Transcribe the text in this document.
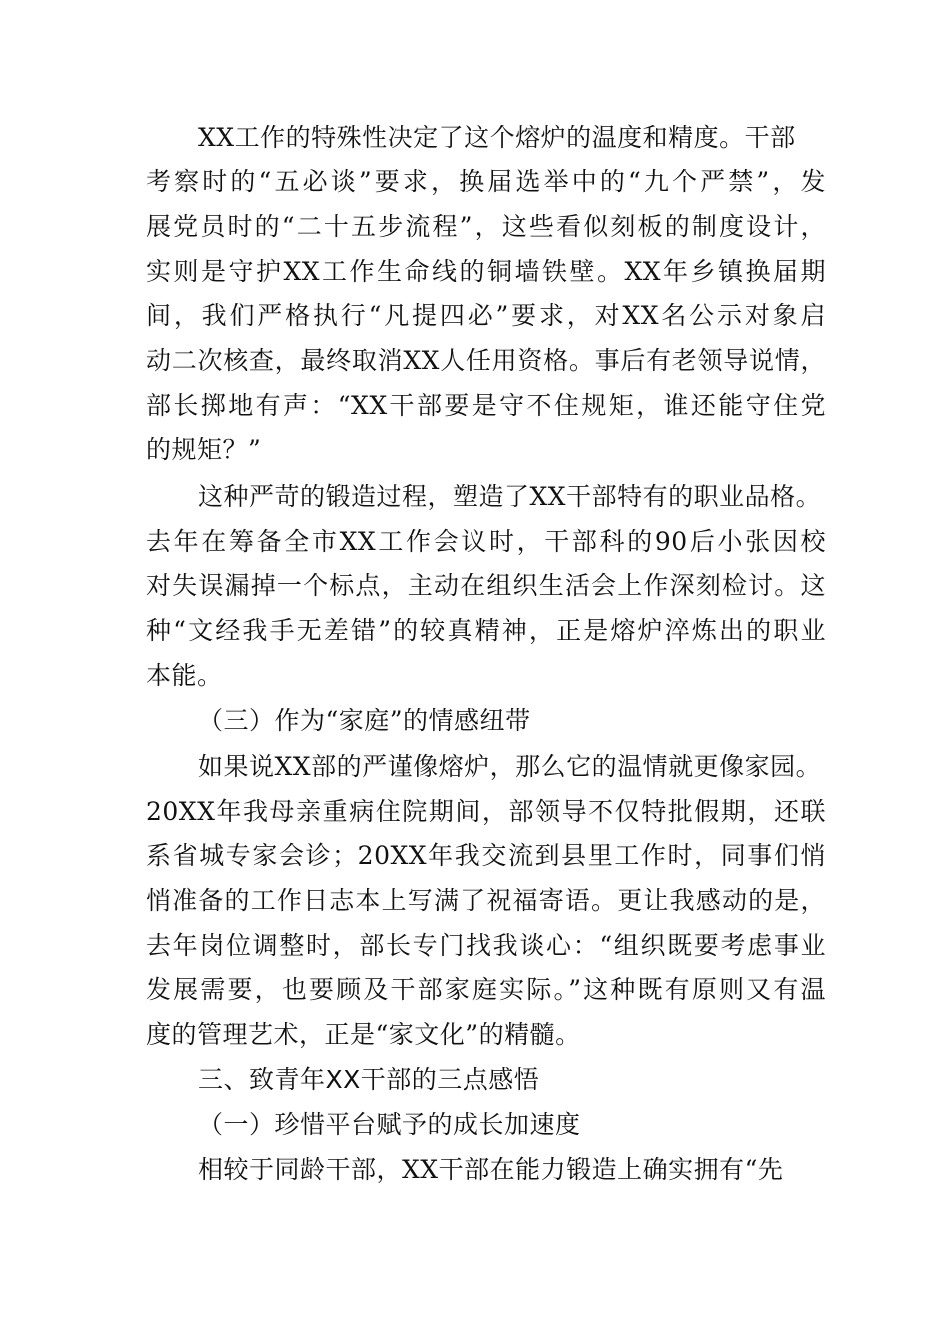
XX工作的特殊性决定了这个熔炉的温度和精度。干部
考察时的“五必谈”要求，换届选举中的“九个严禁”，发
展党员时的“二十五步流程”，这些看似刻板的制度设计，
实则是守护XX工作生命线的铜墙铁壁。XX年乡镇换届期
间，我们严格执行“凡提四必”要求，对XX名公示对象启
动二次核查，最终取消XX人任用资格。事后有老领导说情，
部长掷地有声：“XX干部要是守不住规矩，谁还能守住党
的规矩？”
这种严苛的锻造过程，塑造了XX干部特有的职业品格。
去年在筹备全市XX工作会议时，干部科的90后小张因校
对失误漏掉一个标点，主动在组织生活会上作深刻检讨。这
种“文经我手无差错”的较真精神，正是熔炉淬炼出的职业
本能。
（三）作为“家庭”的情感纽带
如果说XX部的严谨像熔炉，那么它的温情就更像家园。
20XX年我母亲重病住院期间，部领导不仅特批假期，还联
系省城专家会诊；20XX年我交流到县里工作时，同事们悄
悄准备的工作日志本上写满了祝福寄语。更让我感动的是，
去年岗位调整时，部长专门找我谈心：“组织既要考虑事业
发展需要，也要顾及干部家庭实际。”这种既有原则又有温
度的管理艺术，正是“家文化”的精髓。
三、致青年XX干部的三点感悟
（一）珍惜平台赋予的成长加速度
相较于同龄干部，XX干部在能力锻造上确实拥有“先
